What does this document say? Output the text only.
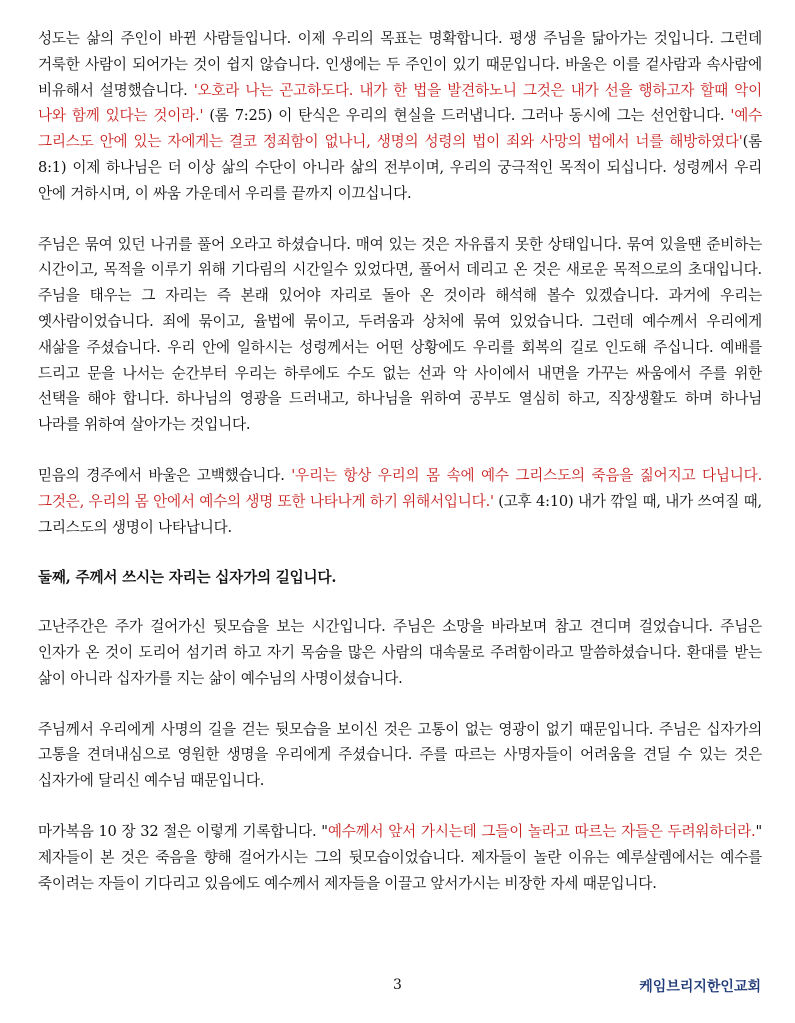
성도는 삶의 주인이 바뀐 사람들입니다. 이제 우리의 목표는 명확합니다. 평생 주님을 닮아가는 것입니다. 그런데 거룩한 사람이 되어가는 것이 쉽지 않습니다. 인생에는 두 주인이 있기 때문입니다. 바울은 이를 겉사람과 속사람에 비유해서 설명했습니다. '오호라 나는 곤고하도다. 내가 한 법을 발견하노니 그것은 내가 선을 행하고자 할때 악이 나와 함께 있다는 것이라.' (롬 7:25) 이 탄식은 우리의 현실을 드러냅니다. 그러나 동시에 그는 선언합니다. '예수 그리스도 안에 있는 자에게는 결코 정죄함이 없나니, 생명의 성령의 법이 죄와 사망의 법에서 너를 해방하였다'(롬 8:1) 이제 하나님은 더 이상 삶의 수단이 아니라 삶의 전부이며, 우리의 궁극적인 목적이 되십니다. 성령께서 우리 안에 거하시며, 이 싸움 가운데서 우리를 끝까지 이끄십니다.

주님은 묶여 있던 나귀를 풀어 오라고 하셨습니다. 매여 있는 것은 자유롭지 못한 상태입니다. 묶여 있을땐 준비하는 시간이고, 목적을 이루기 위해 기다림의 시간일수 있었다면, 풀어서 데리고 온 것은 새로운 목적으로의 초대입니다. 주님을 태우는 그 자리는 즉 본래 있어야 자리로 돌아 온 것이라 해석해 볼수 있겠습니다. 과거에 우리는 옛사람이었습니다. 죄에 묶이고, 율법에 묶이고, 두려움과 상처에 묶여 있었습니다. 그런데 예수께서 우리에게 새삶을 주셨습니다. 우리 안에 일하시는 성령께서는 어떤 상황에도 우리를 회복의 길로 인도해 주십니다. 예배를 드리고 문을 나서는 순간부터 우리는 하루에도 수도 없는 선과 악 사이에서 내면을 가꾸는 싸움에서 주를 위한 선택을 해야 합니다. 하나님의 영광을 드러내고, 하나님을 위하여 공부도 열심히 하고, 직장생활도 하며 하나님 나라를 위하여 살아가는 것입니다.

믿음의 경주에서 바울은 고백했습니다. '우리는 항상 우리의 몸 속에 예수 그리스도의 죽음을 짊어지고 다닙니다. 그것은, 우리의 몸 안에서 예수의 생명 또한 나타나게 하기 위해서입니다.' (고후 4:10) 내가 깎일 때, 내가 쓰여질 때, 그리스도의 생명이 나타납니다.

둘째, 주께서 쓰시는 자리는 십자가의 길입니다.

고난주간은 주가 걸어가신 뒷모습을 보는 시간입니다. 주님은 소망을 바라보며 참고 견디며 걸었습니다. 주님은 인자가 온 것이 도리어 섬기려 하고 자기 목숨을 많은 사람의 대속물로 주려함이라고 말씀하셨습니다. 환대를 받는 삶이 아니라 십자가를 지는 삶이 예수님의 사명이셨습니다.

주님께서 우리에게 사명의 길을 걷는 뒷모습을 보이신 것은 고통이 없는 영광이 없기 때문입니다. 주님은 십자가의 고통을 견뎌내심으로 영원한 생명을 우리에게 주셨습니다. 주를 따르는 사명자들이 어려움을 견딜 수 있는 것은 십자가에 달리신 예수님 때문입니다.

마가복음 10 장 32 절은 이렇게 기록합니다. "예수께서 앞서 가시는데 그들이 놀라고 따르는 자들은 두려워하더라." 제자들이 본 것은 죽음을 향해 걸어가시는 그의 뒷모습이었습니다. 제자들이 놀란 이유는 예루살렘에서는 예수를 죽이려는 자들이 기다리고 있음에도 예수께서 제자들을 이끌고 앞서가시는 비장한 자세 때문입니다.

3	케임브리지한인교회
